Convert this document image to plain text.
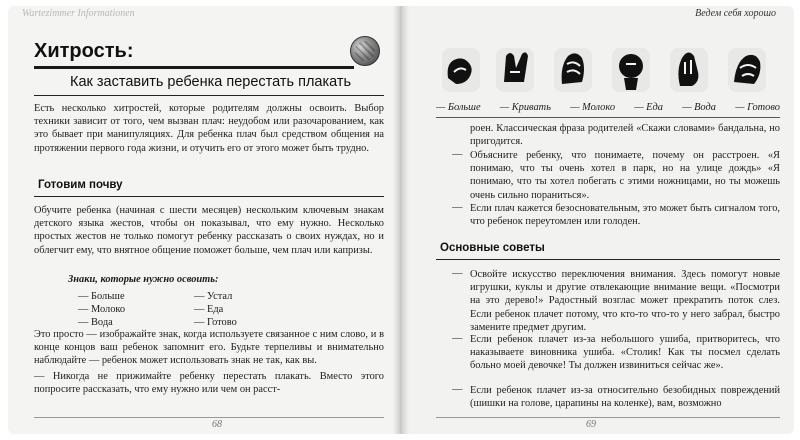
Wartezimmer Informationen
Хитрость:
Как заставить ребенка перестать плакать
Есть несколько хитростей, которые родителям должны освоить. Выбор техники зависит от того, чем вызван плач: неудобом или разочарованием, как это бывает при манипуляциях. Для ребенка плач был средством общения на протяжении первого года жизни, и отучить его от этого может быть трудно.
Готовим почву
Обучите ребенка (начиная с шести месяцев) нескольким ключевым знакам детского языка жестов, чтобы он показывал, что ему нужно. Несколько простых жестов не только помогут ребенку рассказать о своих нуждах, но и облегчит ему, что внятное общение поможет больше, чем плач или капризы.
Знаки, которые нужно освоить:
— Больше
— Молоко
— Вода
— Устал
— Еда
— Готово
Это просто — изображайте знак, когда используете связанное с ним слово, и в конце концов ваш ребенок запомнит его. Будьте терпеливы и внимательно наблюдайте — ребенок может использовать знак не так, как вы.
— Никогда не прижимайте ребенку перестать плакать. Вместо этого попросите рассказать, что ему нужно или чем он расст-
68
Ведем себя хорошо
— Больше — Кривать — Молоко — Еда — Вода — Готово
роен. Классическая фраза родителей «Скажи словами» бандальна, но пригодится.
— Объясните ребенку, что понимаете, почему он расстроен. «Я понимаю, что ты очень хотел в парк, но на улице дождь» «Я понимаю, что ты хотел побегать с этими ножницами, но ты можешь очень сильно пораниться».
— Если плач кажется безосновательным, это может быть сигналом того, что ребенок переутомлен или голоден.
Основные советы
— Освойте искусство переключения внимания. Здесь помогут новые игрушки, куклы и другие отвлекающие внимание вещи. «Посмотри на это дерево!» Радостный возглас может прекратить поток слез. Если ребенок плачет потому, что кто-то что-то у него забрал, быстро замените предмет другим.
— Если ребенок плачет из-за небольшого ушиба, притворитесь, что наказываете виновника ушиба. «Столик! Как ты посмел сделать больно моей девочке! Ты должен извиниться сейчас же».
— Если ребенок плачет из-за относительно безобидных повреждений (шишки на голове, царапины на коленке), вам, возможно
69
